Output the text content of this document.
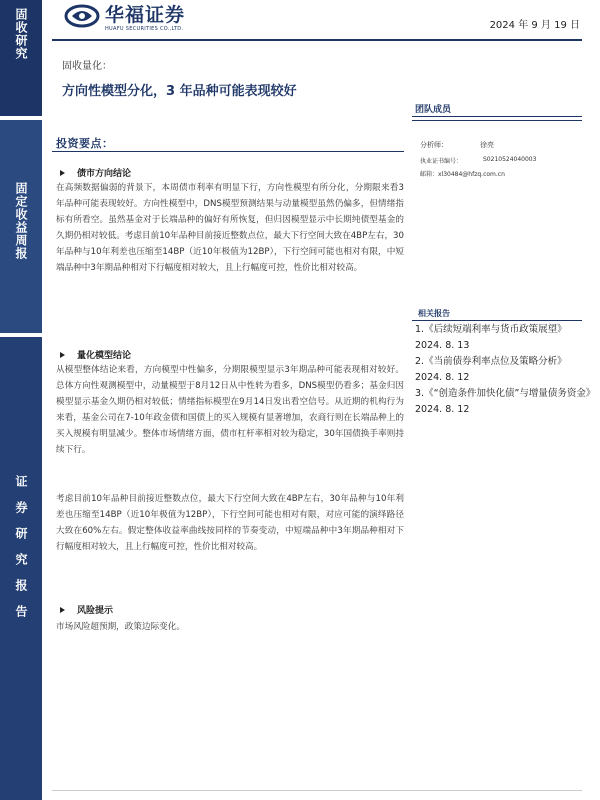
固收研究
固定收益周报
证券研究报告
华福证券
HUAFU SECURITIES CO.,LTD.	2024 年 9 月 19 日
固收量化：
方向性模型分化，3 年品种可能表现较好
团队成员
分析师：	徐亮
执业证书编号：	S0210524040003
邮箱：xl30484@hfzq.com.cn
相关报告

1.《后续短端利率与货币政策展望》2024. 8. 13

2.《当前债券利率点位及策略分析》2024. 8. 12

3.《“创造条件加快化债”与增量债务资金》2024. 8. 12

投资要点：
债市方向结论

在高频数据偏弱的背景下，本周债市利率有明显下行，方向性模型有所分化，分期限来看3年品种可能表现较好。方向性模型中，DNS模型预测结果与动量模型虽然仍偏多，但情绪指标有所看空。虽然基金对于长端品种的偏好有所恢复，但归因模型显示中长期纯债型基金的久期仍相对较低。考虑目前10年品种目前接近整数点位，最大下行空间大致在4BP左右，30年品种与10年利差也压缩至14BP（近10年极值为12BP），下行空间可能也相对有限，中短端品种中3年期品种相对下行幅度相对较大，且上行幅度可控，性价比相对较高。

量化模型结论

从模型整体结论来看，方向模型中性偏多，分期限模型显示3年期品种可能表现相对较好。总体方向性观测模型中，动量模型于8月12日从中性转为看多，DNS模型仍看多；基金归因模型显示基金久期仍相对较低；情绪指标模型在9月14日发出看空信号。从近期的机构行为来看，基金公司在7-10年政金债和国债上的买入规模有显著增加，农商行则在长端品种上的买入规模有明显减少。整体市场情绪方面，债市杠杆率相对较为稳定，30年国债换手率则持续下行。

考虑目前10年品种目前接近整数点位，最大下行空间大致在4BP左右，30年品种与10年利差也压缩至14BP（近10年极值为12BP），下行空间可能也相对有限，对应可能的演绎路径大致在60%左右。假定整体收益率曲线按同样的节奏变动，中短端品种中3年期品种相对下行幅度相对较大，且上行幅度可控，性价比相对较高。

风险提示

市场风险超预期，政策边际变化。
